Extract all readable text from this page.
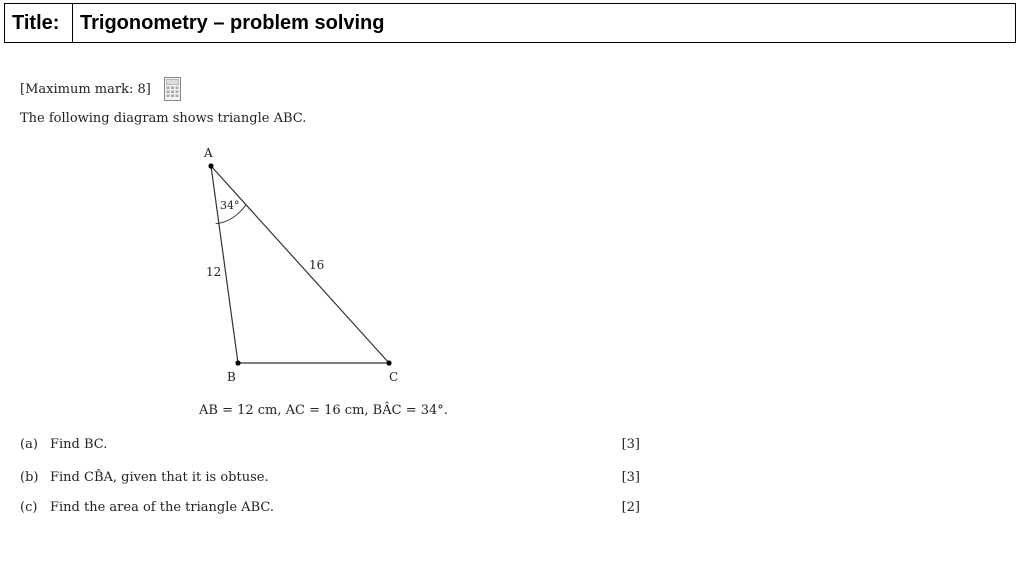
Title:	Trigonometry – problem solving
[Maximum mark: 8]
The following diagram shows triangle ABC.
A
B	C
34°
12	16
AB = 12 cm, AC = 16 cm, BÂC = 34°.
(a) Find BC.	[3]
(b) Find CB̂A, given that it is obtuse.	[3]
(c) Find the area of the triangle ABC.	[2]
